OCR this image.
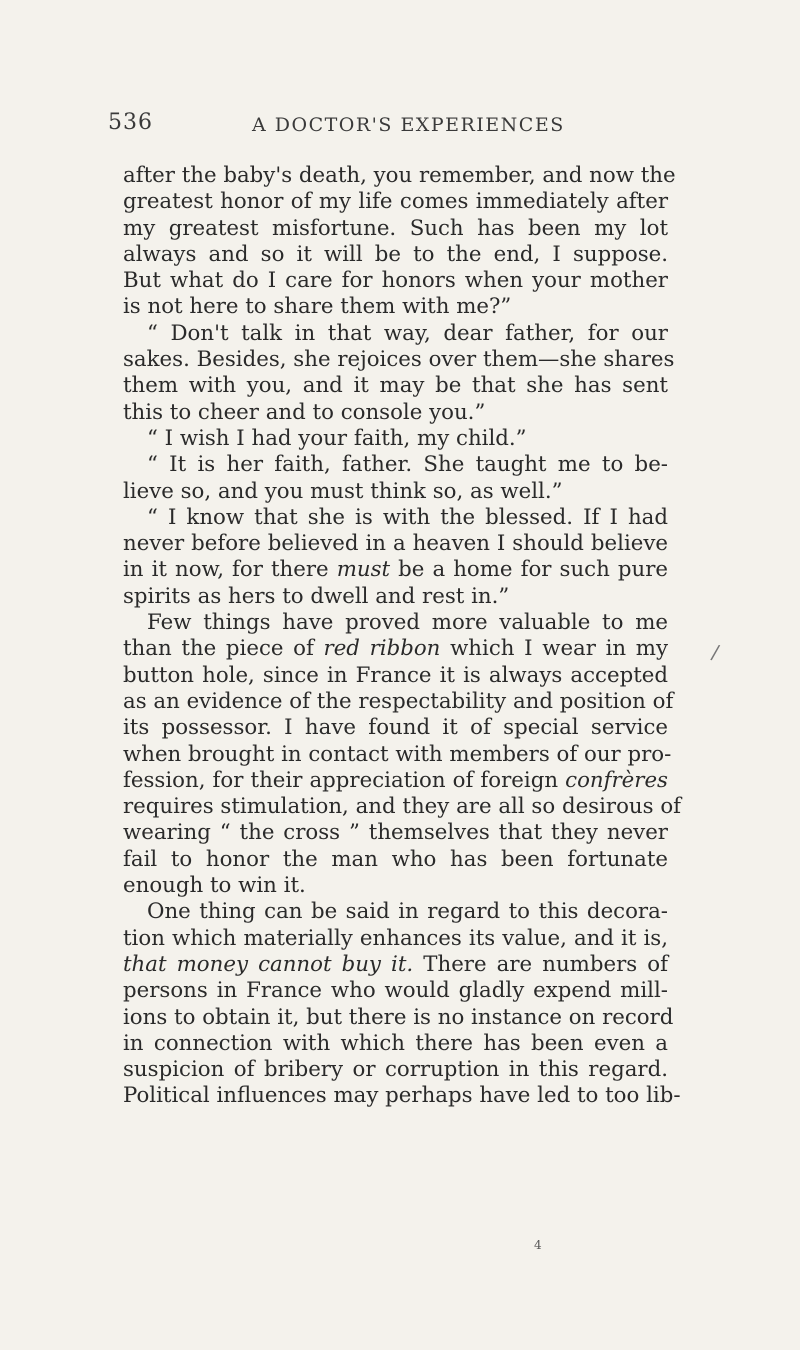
536	A DOCTOR'S EXPERIENCES
after the baby's death, you remember, and now the
greatest honor of my life comes immediately after
my greatest misfortune. Such has been my lot
always and so it will be to the end, I suppose.
But what do I care for honors when your mother
is not here to share them with me?”
“ Don't talk in that way, dear father, for our
sakes. Besides, she rejoices over them—she shares
them with you, and it may be that she has sent
this to cheer and to console you.”
“ I wish I had your faith, my child.”
“ It is her faith, father. She taught me to be-
lieve so, and you must think so, as well.”
“ I know that she is with the blessed. If I had
never before believed in a heaven I should believe
in it now, for there must be a home for such pure
spirits as hers to dwell and rest in.”
Few things have proved more valuable to me
than the piece of red ribbon which I wear in my
button hole, since in France it is always accepted
as an evidence of the respectability and position of
its possessor. I have found it of special service
when brought in contact with members of our pro-
fession, for their appreciation of foreign confrères
requires stimulation, and they are all so desirous of
wearing “ the cross ” themselves that they never
fail to honor the man who has been fortunate
enough to win it.
One thing can be said in regard to this decora-
tion which materially enhances its value, and it is,
that money cannot buy it. There are numbers of
persons in France who would gladly expend mill-
ions to obtain it, but there is no instance on record
in connection with which there has been even a
suspicion of bribery or corruption in this regard.
Political influences may perhaps have led to too lib-
/
4
